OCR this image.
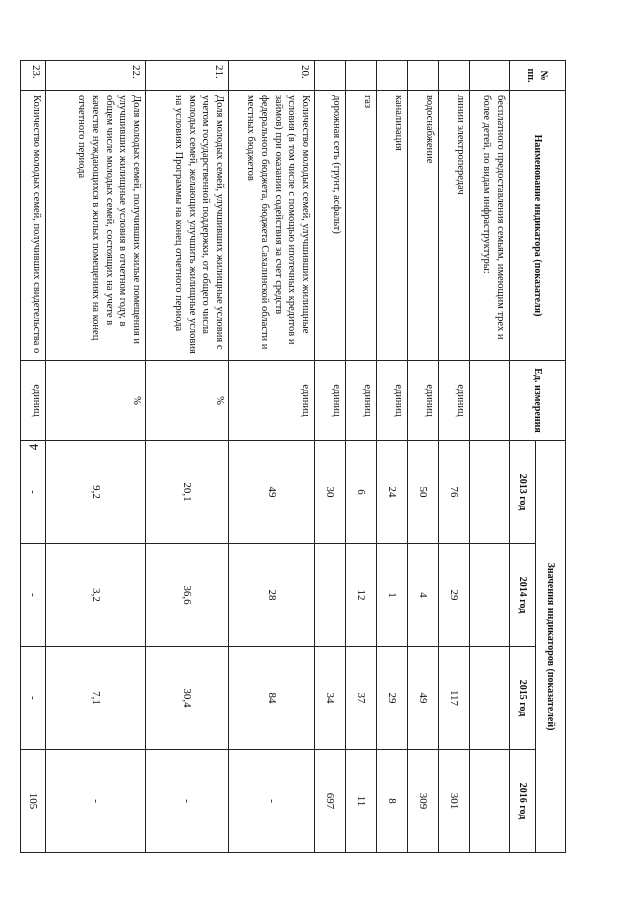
4
№ пп.	Наименование индикатора (показателя)	Ед. измерения	Значения индикаторов (показателей)			
			2013 год	2014 год	2015 год	2016 год
	бесплатного предоставления семьям, имеющим трех и более детей, по видам инфраструктуры:					
	линии электропередач	единиц	76	29	117	301
	водоснабжение	единиц	50	4	49	309
	канализация	единиц	24	1	29	8
	газ	единиц	6	12	37	11
	дорожная сеть (грунт, асфальт)	единиц	30		34	697
20.	Количество молодых семей, улучшивших жилищные условия (в том числе с помощью ипотечных кредитов и займов) при оказании содействия за счет средств федерального бюджета, бюджета Сахалинской области и местных бюджетов	единиц	49	28	84	-
21.	Доля молодых семей, улучшивших жилищные условия с учетом государственной поддержки, от общего числа молодых семей, желающих улучшить жилищные условия на условиях Программы на конец отчетного периода	%	20,1	36,6	30,4	-
22.	Доля молодых семей, получивших жилые помещения и улучшивших жилищные условия в отчетном году, в общем числе молодых семей, состоящих на учете в качестве нуждающихся в жилых помещениях на конец отчетного периода	%	9,2	3,2	7,1	-
23.	Количество молодых семей, получивших свидетельства о	единиц	-	-	-	105
